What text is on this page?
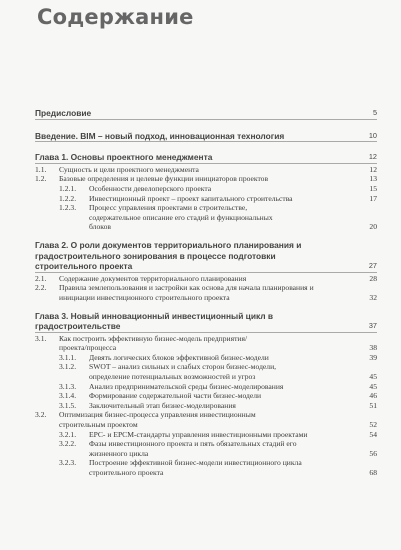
Содержание
Предисловие	5
Введение. BIM – новый подход, инновационная технология	10
Глава 1. Основы проектного менеджмента	12
1.1. Сущность и цели проектного менеджмента	12
1.2. Базовые определения и целевые функции инициаторов проектов	13
1.2.1. Особенности девелоперского проекта	15
1.2.2. Инвестиционный проект – проект капитального строительства	17
1.2.3. Процесс управления проектами в строительстве, содержательное описание его стадий и функциональных блоков	20
Глава 2. О роли документов территориального планирования и градостроительного зонирования в процессе подготовки строительного проекта	27
2.1. Содержание документов территориального планирования	28
2.2. Правила землепользования и застройки как основа для начала планирования и инициации инвестиционного строительного проекта	32
Глава 3. Новый инновационный инвестиционный цикл в градостроительстве	37
3.1. Как построить эффективную бизнес-модель предприятия/проекта/процесса	38
3.1.1. Девять логических блоков эффективной бизнес-модели	39
3.1.2. SWOT – анализ сильных и слабых сторон бизнес-модели, определение потенциальных возможностей и угроз	45
3.1.3. Анализ предпринимательской среды бизнес-моделирования	45
3.1.4. Формирование содержательной части бизнес-модели	46
3.1.5. Заключительный этап бизнес-моделирования	51
3.2. Оптимизация бизнес-процесса управления инвестиционным строительным проектом	52
3.2.1. EPC- и EPCM-стандарты управления инвестиционными проектами	54
3.2.2. Фазы инвестиционного проекта и пять обязательных стадий его жизненного цикла	56
3.2.3. Построение эффективной бизнес-модели инвестиционного цикла строительного проекта	68
